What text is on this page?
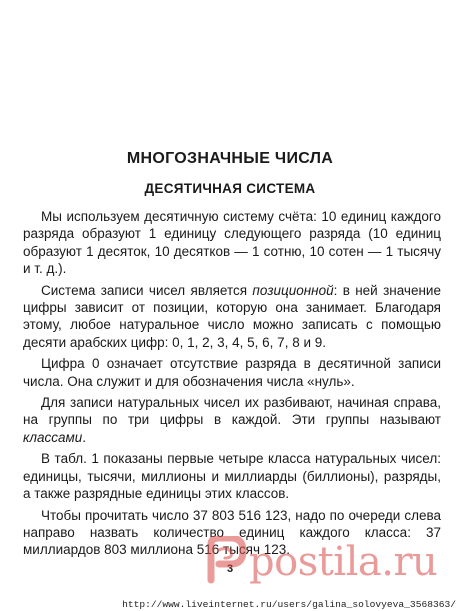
МНОГОЗНАЧНЫЕ ЧИСЛА
ДЕСЯТИЧНАЯ СИСТЕМА

Мы используем десятичную систему счёта: 10 единиц каждого разряда образуют 1 единицу следующего разряда (10 единиц образуют 1 десяток, 10 десятков — 1 сотню, 10 сотен — 1 тысячу и т. д.).

Система записи чисел является позиционной: в ней значение цифры зависит от позиции, которую она занимает. Благодаря этому, любое натуральное число можно записать с помощью десяти арабских цифр: 0, 1, 2, 3, 4, 5, 6, 7, 8 и 9.

Цифра 0 означает отсутствие разряда в десятичной записи числа. Она служит и для обозначения числа «нуль».

Для записи натуральных чисел их разбивают, начиная справа, на группы по три цифры в каждой. Эти группы называют классами.

В табл. 1 показаны первые четыре класса натуральных чисел: единицы, тысячи, миллионы и миллиарды (биллионы), разряды, а также разрядные единицы этих классов.

Чтобы прочитать число 37 803 516 123, надо по очереди слева направо назвать количество единиц каждого класса: 37 миллиардов 803 миллиона 516 тысяч 123.

3 postila.ru
http://www.liveinternet.ru/users/galina_solovyeva_3568363/
